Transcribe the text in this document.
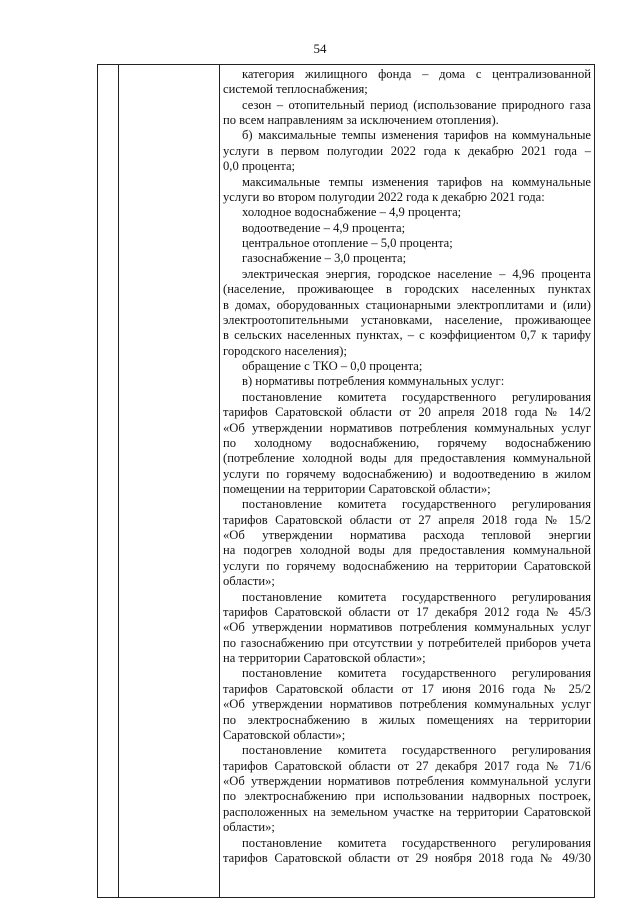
54
категория жилищного фонда – дома с централизованной
системой теплоснабжения;
сезон – отопительный период (использование природного газа
по всем направлениям за исключением отопления).
б) максимальные темпы изменения тарифов на коммунальные
услуги в первом полугодии 2022 года к декабрю 2021 года –
0,0 процента;
максимальные темпы изменения тарифов на коммунальные
услуги во втором полугодии 2022 года к декабрю 2021 года:
холодное водоснабжение – 4,9 процента;
водоотведение – 4,9 процента;
центральное отопление – 5,0 процента;
газоснабжение – 3,0 процента;
электрическая энергия, городское население – 4,96 процента
(население, проживающее в городских населенных пунктах
в домах, оборудованных стационарными электроплитами и (или)
электроотопительными установками, население, проживающее
в сельских населенных пунктах, – с коэффициентом 0,7 к тарифу
городского населения);
обращение с ТКО – 0,0 процента;
в) нормативы потребления коммунальных услуг:
постановление комитета государственного регулирования
тарифов Саратовской области от 20 апреля 2018 года № 14/2
«Об утверждении нормативов потребления коммунальных услуг
по холодному водоснабжению, горячему водоснабжению
(потребление холодной воды для предоставления коммунальной
услуги по горячему водоснабжению) и водоотведению в жилом
помещении на территории Саратовской области»;
постановление комитета государственного регулирования
тарифов Саратовской области от 27 апреля 2018 года № 15/2
«Об утверждении норматива расхода тепловой энергии
на подогрев холодной воды для предоставления коммунальной
услуги по горячему водоснабжению на территории Саратовской
области»;
постановление комитета государственного регулирования
тарифов Саратовской области от 17 декабря 2012 года № 45/3
«Об утверждении нормативов потребления коммунальных услуг
по газоснабжению при отсутствии у потребителей приборов учета
на территории Саратовской области»;
постановление комитета государственного регулирования
тарифов Саратовской области от 17 июня 2016 года № 25/2
«Об утверждении нормативов потребления коммунальных услуг
по электроснабжению в жилых помещениях на территории
Саратовской области»;
постановление комитета государственного регулирования
тарифов Саратовской области от 27 декабря 2017 года № 71/6
«Об утверждении нормативов потребления коммунальной услуги
по электроснабжению при использовании надворных построек,
расположенных на земельном участке на территории Саратовской
области»;
постановление комитета государственного регулирования
тарифов Саратовской области от 29 ноября 2018 года № 49/30
